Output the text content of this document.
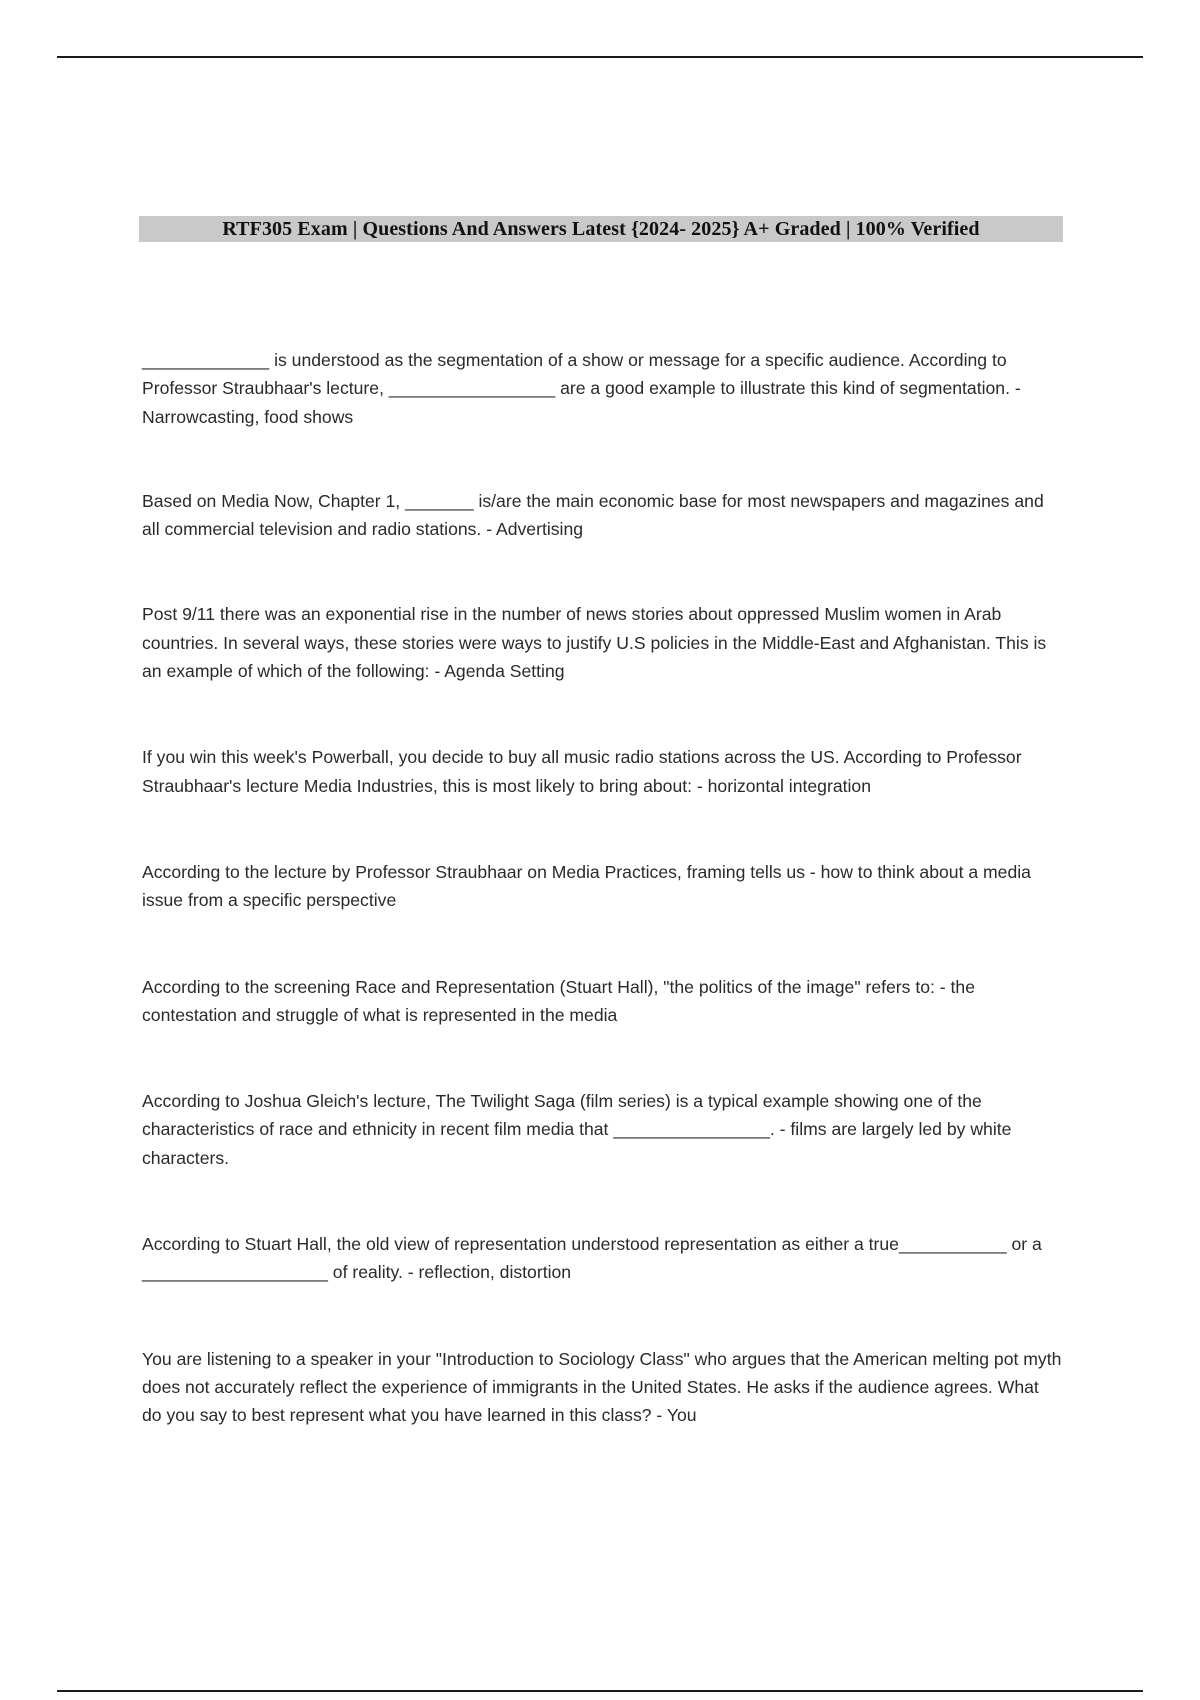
RTF305 Exam | Questions And Answers Latest {2024- 2025} A+ Graded | 100% Verified
_____________ is understood as the segmentation of a show or message for a specific audience. According to Professor Straubhaar's lecture, _________________ are a good example to illustrate this kind of segmentation. - Narrowcasting, food shows
Based on Media Now, Chapter 1, _______ is/are the main economic base for most newspapers and magazines and all commercial television and radio stations. - Advertising
Post 9/11 there was an exponential rise in the number of news stories about oppressed Muslim women in Arab countries. In several ways, these stories were ways to justify U.S policies in the Middle-East and Afghanistan. This is an example of which of the following: - Agenda Setting
If you win this week's Powerball, you decide to buy all music radio stations across the US. According to Professor Straubhaar's lecture Media Industries, this is most likely to bring about: - horizontal integration
According to the lecture by Professor Straubhaar on Media Practices, framing tells us - how to think about a media issue from a specific perspective
According to the screening Race and Representation (Stuart Hall), "the politics of the image" refers to: - the contestation and struggle of what is represented in the media
According to Joshua Gleich's lecture, The Twilight Saga (film series) is a typical example showing one of the characteristics of race and ethnicity in recent film media that ________________. - films are largely led by white characters.
According to Stuart Hall, the old view of representation understood representation as either a true___________ or a ___________________ of reality. - reflection, distortion
You are listening to a speaker in your "Introduction to Sociology Class" who argues that the American melting pot myth does not accurately reflect the experience of immigrants in the United States. He asks if the audience agrees. What do you say to best represent what you have learned in this class? - You
